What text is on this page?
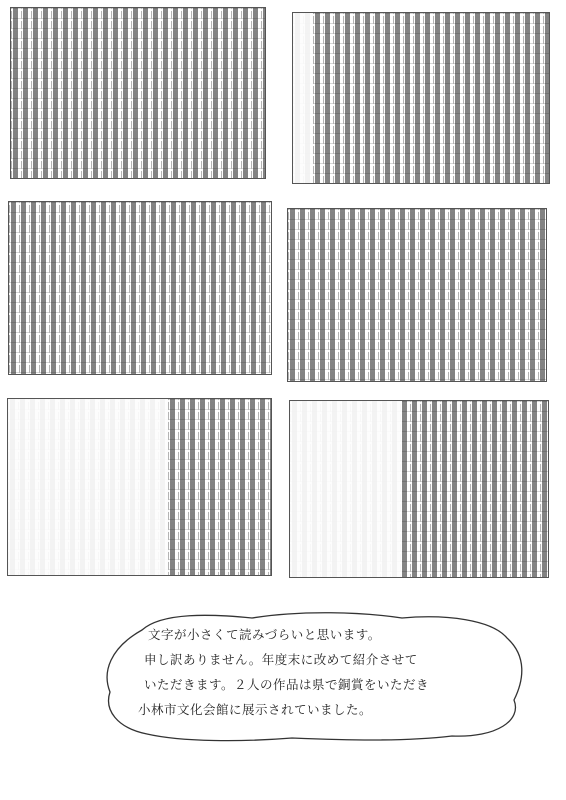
文字が小さくて読みづらいと思います。
申し訳ありません。年度末に改めて紹介させて
いただきます。２人の作品は県で銅賞をいただき
小林市文化会館に展示されていました。
